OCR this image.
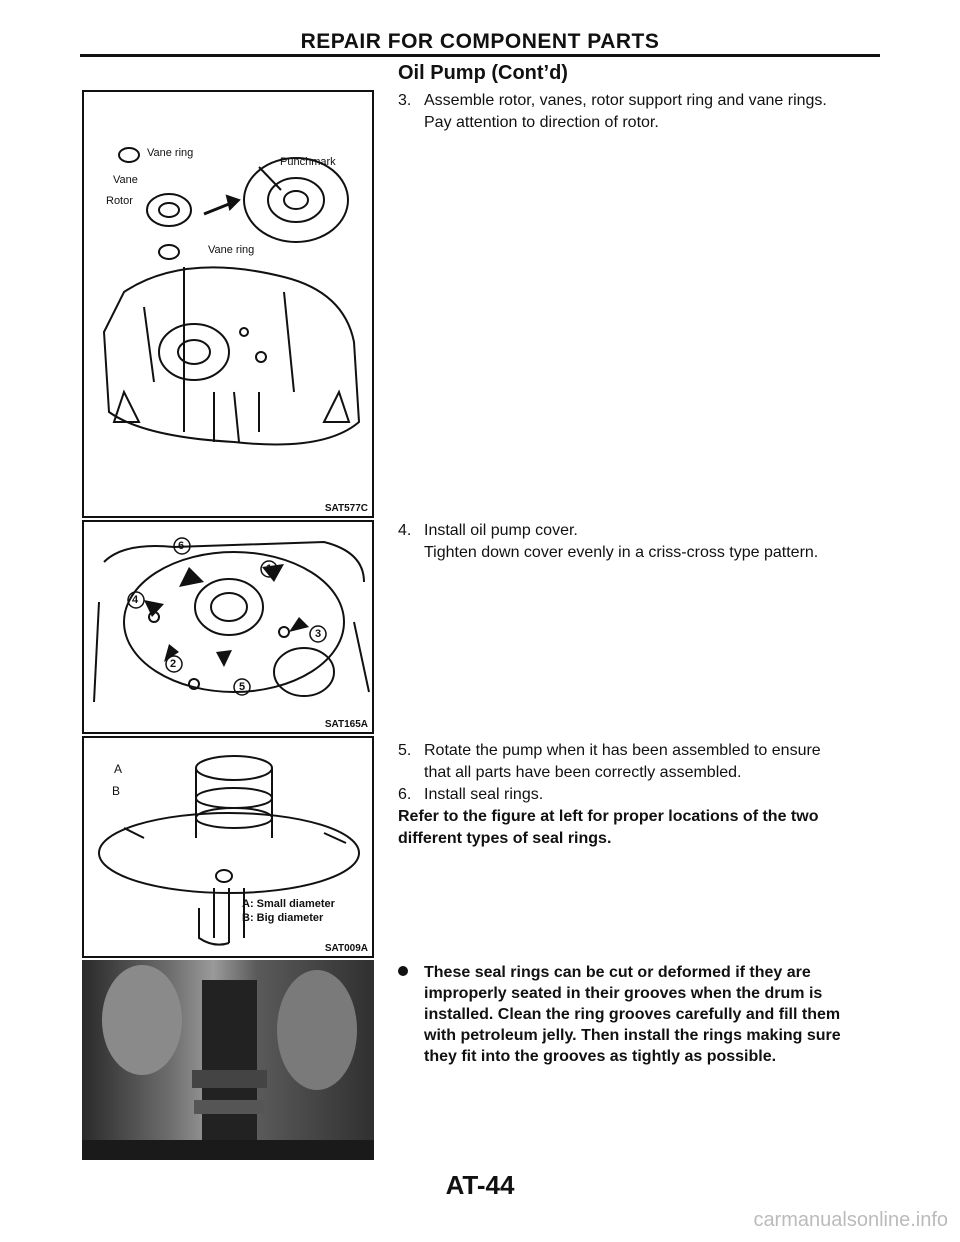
REPAIR FOR COMPONENT PARTS
Oil Pump (Cont’d)
Vane
Rotor
Vane ring
Vane ring
Punchmark
SAT577C
6
1
4
3
2
5
SAT165A
A
B
A: Small diameter
B: Big diameter
SAT009A
3. Assemble rotor, vanes, rotor support ring and vane rings.
Pay attention to direction of rotor.
4. Install oil pump cover.
Tighten down cover evenly in a criss-cross type pattern.
5. Rotate the pump when it has been assembled to ensure
that all parts have been correctly assembled.
6. Install seal rings.
Refer to the figure at left for proper locations of the two
different types of seal rings.
These seal rings can be cut or deformed if they are
improperly seated in their grooves when the drum is
installed. Clean the ring grooves carefully and fill them
with petroleum jelly. Then install the rings making sure
they fit into the grooves as tightly as possible.
AT-44
carmanualsonline.info
